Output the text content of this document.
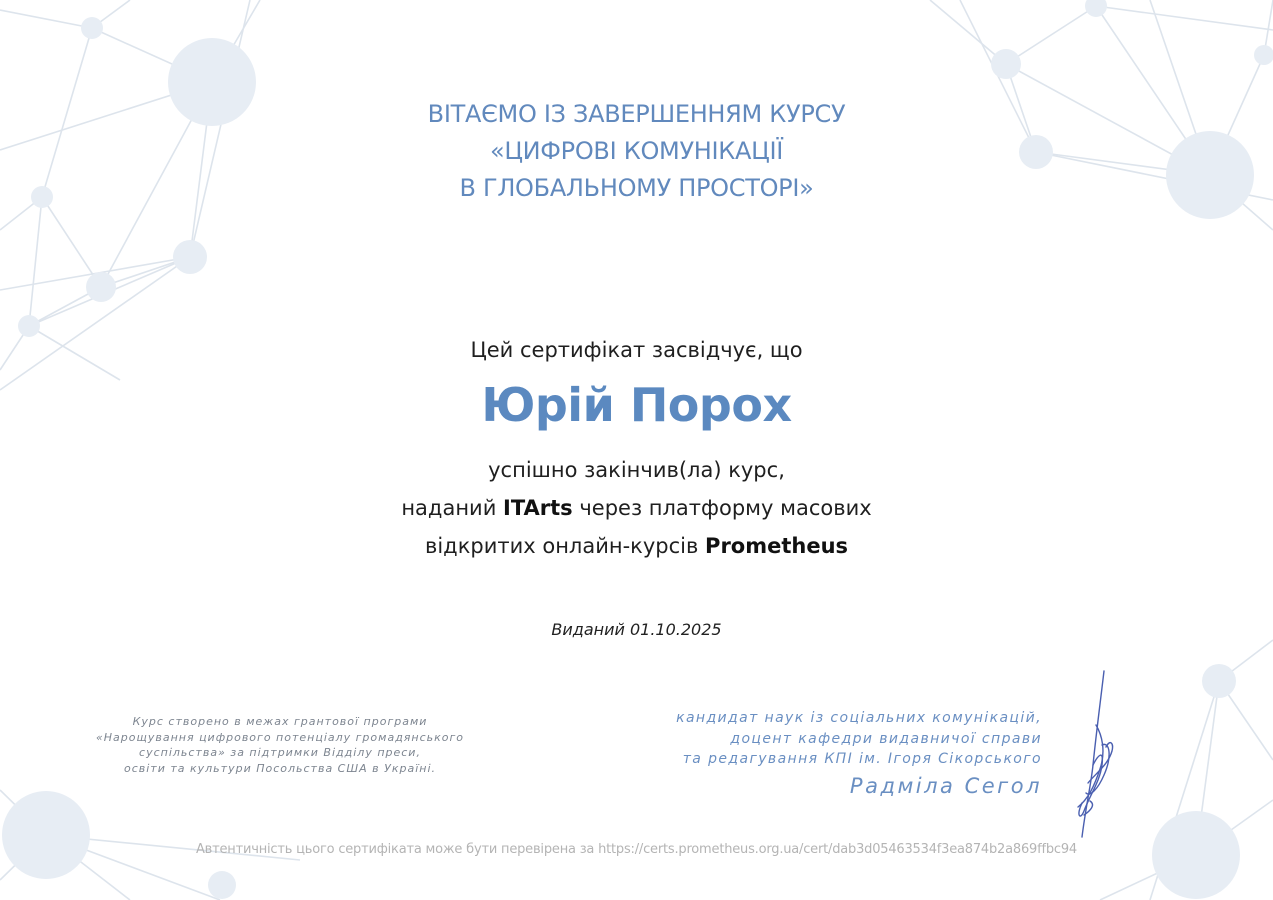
ВІТАЄМО ІЗ ЗАВЕРШЕННЯМ КУРСУ
«ЦИФРОВІ КОМУНІКАЦІЇ
В ГЛОБАЛЬНОМУ ПРОСТОРІ»
Цей сертифікат засвідчує, що
Юрій Порох
успішно закінчив(ла) курс,
наданий ITArts через платформу масових
відкритих онлайн-курсів Prometheus
Виданий 01.10.2025
Курс створено в межах грантової програми
«Нарощування цифрового потенціалу громадянського
суспільства» за підтримки Відділу преси,
освіти та культури Посольства США в Україні.
кандидат наук із соціальних комунікацій,
доцент кафедри видавничої справи
та редагування КПІ ім. Ігоря Сікорського
Радміла Сегол
Автентичність цього сертифіката може бути перевірена за https://certs.prometheus.org.ua/cert/dab3d05463534f3ea874b2a869ffbc94
